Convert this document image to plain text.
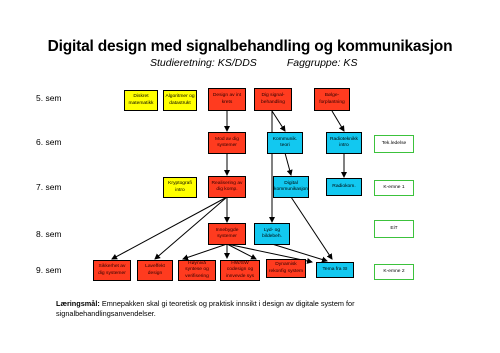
Digital design med signalbehandling og kommunikasjon
Studieretning: KS/DDS	Faggruppe: KS
5. sem
6. sem
7. sem
8. sem
9. sem
Diskret matematikk
Algoritmer og datastrukt
Design av int krets
Dig signal-behandling
Bølge-forplantning
Mod av dig systemer
Kommunik. teori
Radioteknikk intro	Tek.ledelse
Kryptografi intro
Realisering av dig komp.
Digital kommunikasjon
Radiokom.	K-emne 1
Innebygde systemer
Lyd- og bildebeh.
EiT
Sikkerhet av dig systemer
Laveffekt design
Høynivå syntese og verifisering
HW/SW codesign og innvevde sys
Dynamisk rekonfig system	Tema fra SI	K-emne 2
Læringsmål: Emnepakken skal gi teoretisk og praktisk innsikt i design av digitale system for signalbehandlingsanvendelser.
